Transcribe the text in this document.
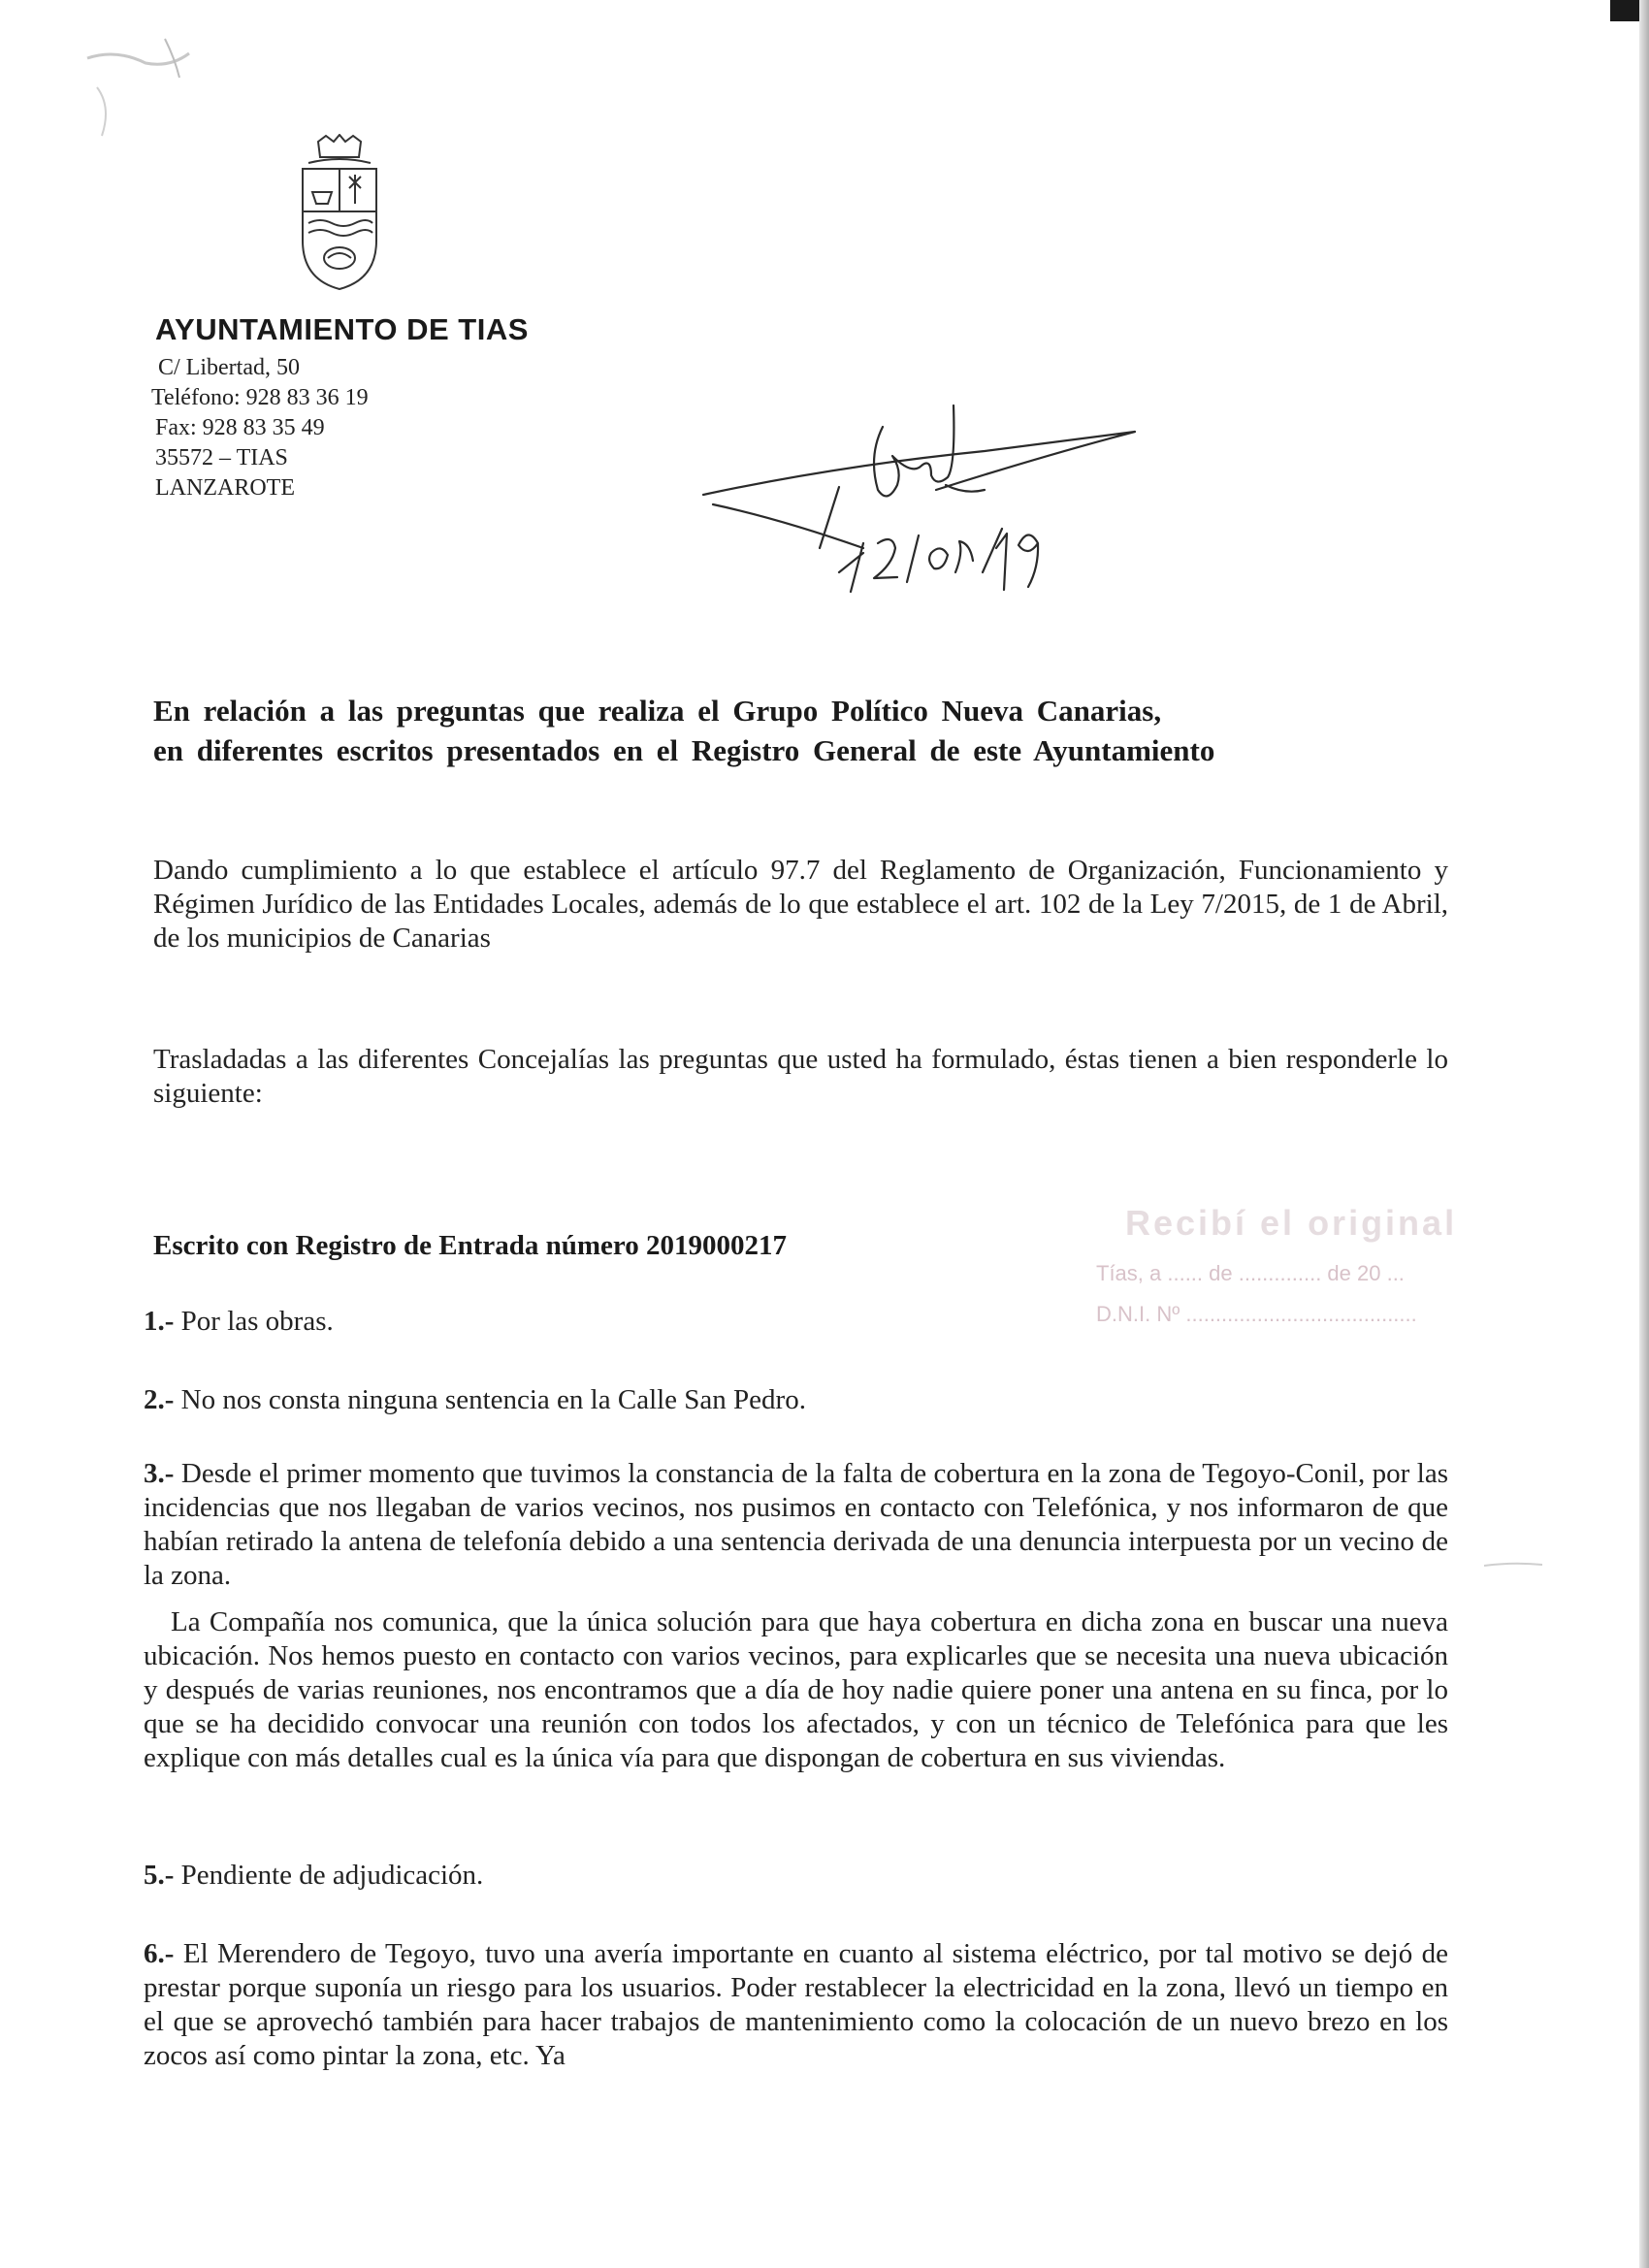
AYUNTAMIENTO DE TIAS
C/ Libertad, 50
Teléfono: 928 83 36 19
Fax: 928 83 35 49
35572 – TIAS
LANZAROTE
En relación a las preguntas que realiza el Grupo Político Nueva Canarias,
en diferentes escritos presentados en el Registro General de este Ayuntamiento
Dando cumplimiento a lo que establece el artículo 97.7 del Reglamento de Organización, Funcionamiento y Régimen Jurídico de las Entidades Locales, además de lo que establece el art. 102 de la Ley 7/2015, de 1 de Abril, de los municipios de Canarias
Trasladadas a las diferentes Concejalías las preguntas que usted ha formulado, éstas tienen a bien responderle lo siguiente:
Escrito con Registro de Entrada número 2019000217
Recibí el original
Tías, a ...... de .............. de 20 ...
D.N.I. Nº .......................................
1.- Por las obras.
2.- No nos consta ninguna sentencia en la Calle San Pedro.
3.- Desde el primer momento que tuvimos la constancia de la falta de cobertura en la zona de Tegoyo-Conil, por las incidencias que nos llegaban de varios vecinos, nos pusimos en contacto con Telefónica, y nos informaron de que habían retirado la antena de telefonía debido a una sentencia derivada de una denuncia interpuesta por un vecino de la zona.
La Compañía nos comunica, que la única solución para que haya cobertura en dicha zona en buscar una nueva ubicación. Nos hemos puesto en contacto con varios vecinos, para explicarles que se necesita una nueva ubicación y después de varias reuniones, nos encontramos que a día de hoy nadie quiere poner una antena en su finca, por lo que se ha decidido convocar una reunión con todos los afectados, y con un técnico de Telefónica para que les explique con más detalles cual es la única vía para que dispongan de cobertura en sus viviendas.
5.- Pendiente de adjudicación.
6.- El Merendero de Tegoyo, tuvo una avería importante en cuanto al sistema eléctrico, por tal motivo se dejó de prestar porque suponía un riesgo para los usuarios. Poder restablecer la electricidad en la zona, llevó un tiempo en el que se aprovechó también para hacer trabajos de mantenimiento como la colocación de un nuevo brezo en los zocos así como pintar la zona, etc. Ya
